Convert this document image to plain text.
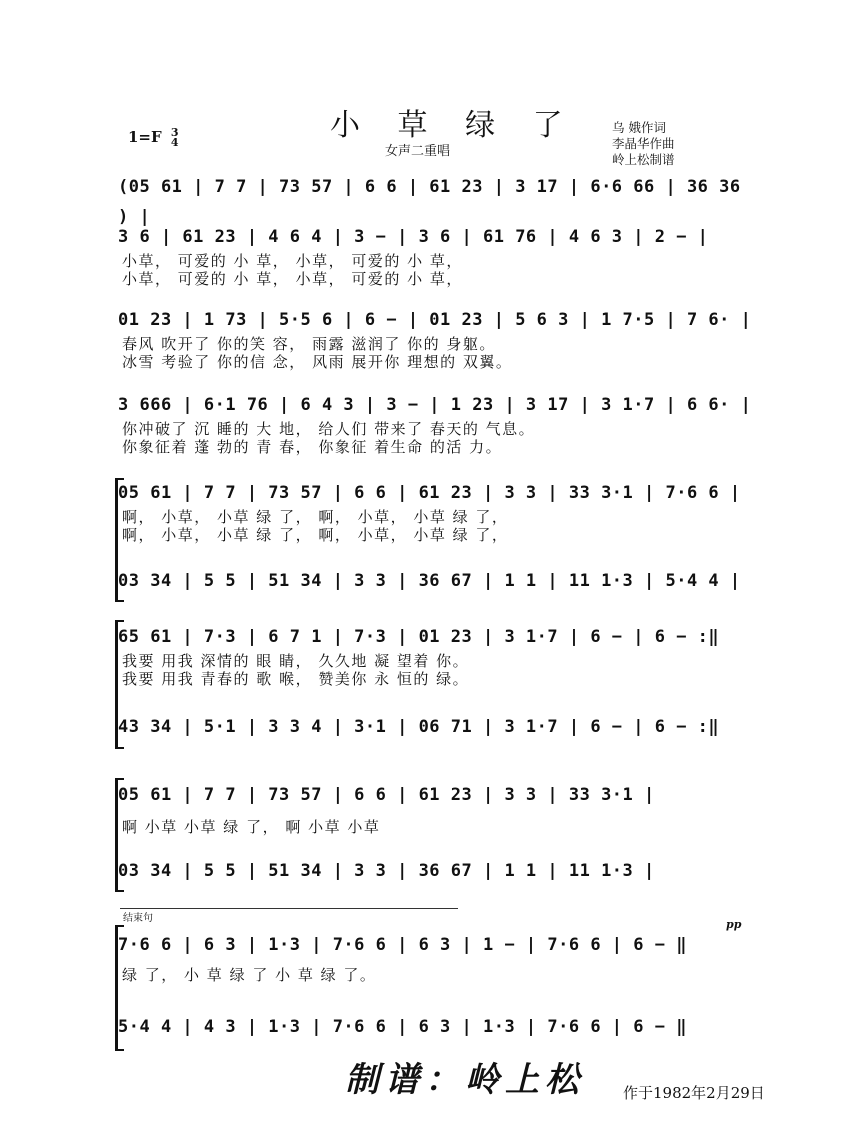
小 草 绿 了
女声二重唱
1=F 3
4
乌 娥作词
李晶华作曲
岭上松制谱
(05 61 | 7 7 | 73 57 | 6 6 | 61 23 | 3 17 | 6·6 66 | 36 36 ) |
3 6 | 61 23 | 4 6 4 | 3 − | 3 6 | 61 76 | 4 6 3 | 2 − |
小草， 可爱的 小 草， 小草， 可爱的 小 草，
小草， 可爱的 小 草， 小草， 可爱的 小 草，
01 23 | 1 73 | 5·5 6 | 6 − | 01 23 | 5 6 3 | 1 7·5 | 7 6· |
春风 吹开了 你的笑 容， 雨露 滋润了 你的 身躯。
冰雪 考验了 你的信 念， 风雨 展开你 理想的 双翼。
3 666 | 6·1 76 | 6 4 3 | 3 − | 1 23 | 3 17 | 3 1·7 | 6 6· |
你冲破了 沉 睡的 大 地， 给人们 带来了 春天的 气息。
你象征着 蓬 勃的 青 春， 你象征 着生命 的活 力。
05 61 | 7 7 | 73 57 | 6 6 | 61 23 | 3 3 | 33 3·1 | 7·6 6 |
啊， 小草， 小草 绿 了， 啊， 小草， 小草 绿 了，
啊， 小草， 小草 绿 了， 啊， 小草， 小草 绿 了，
03 34 | 5 5 | 51 34 | 3 3 | 36 67 | 1 1 | 11 1·3 | 5·4 4 |
65 61 | 7·3 | 6 7 1 | 7·3 | 01 23 | 3 1·7 | 6 − | 6 − :‖
我要 用我 深情的 眼 睛， 久久地 凝 望着 你。
我要 用我 青春的 歌 喉， 赞美你 永 恒的 绿。
43 34 | 5·1 | 3 3 4 | 3·1 | 06 71 | 3 1·7 | 6 − | 6 − :‖
05 61 | 7 7 | 73 57 | 6 6 | 61 23 | 3 3 | 33 3·1 |
啊 小草 小草 绿 了， 啊 小草 小草
03 34 | 5 5 | 51 34 | 3 3 | 36 67 | 1 1 | 11 1·3 |
结束句	pp
7·6 6 | 6 3 | 1·3 | 7·6 6 | 6 3 | 1 − | 7·6 6 | 6 − ‖
绿 了， 小 草 绿 了 小 草 绿 了。
5·4 4 | 4 3 | 1·3 | 7·6 6 | 6 3 | 1·3 | 7·6 6 | 6 − ‖
制谱：岭上松	作于1982年2月29日
